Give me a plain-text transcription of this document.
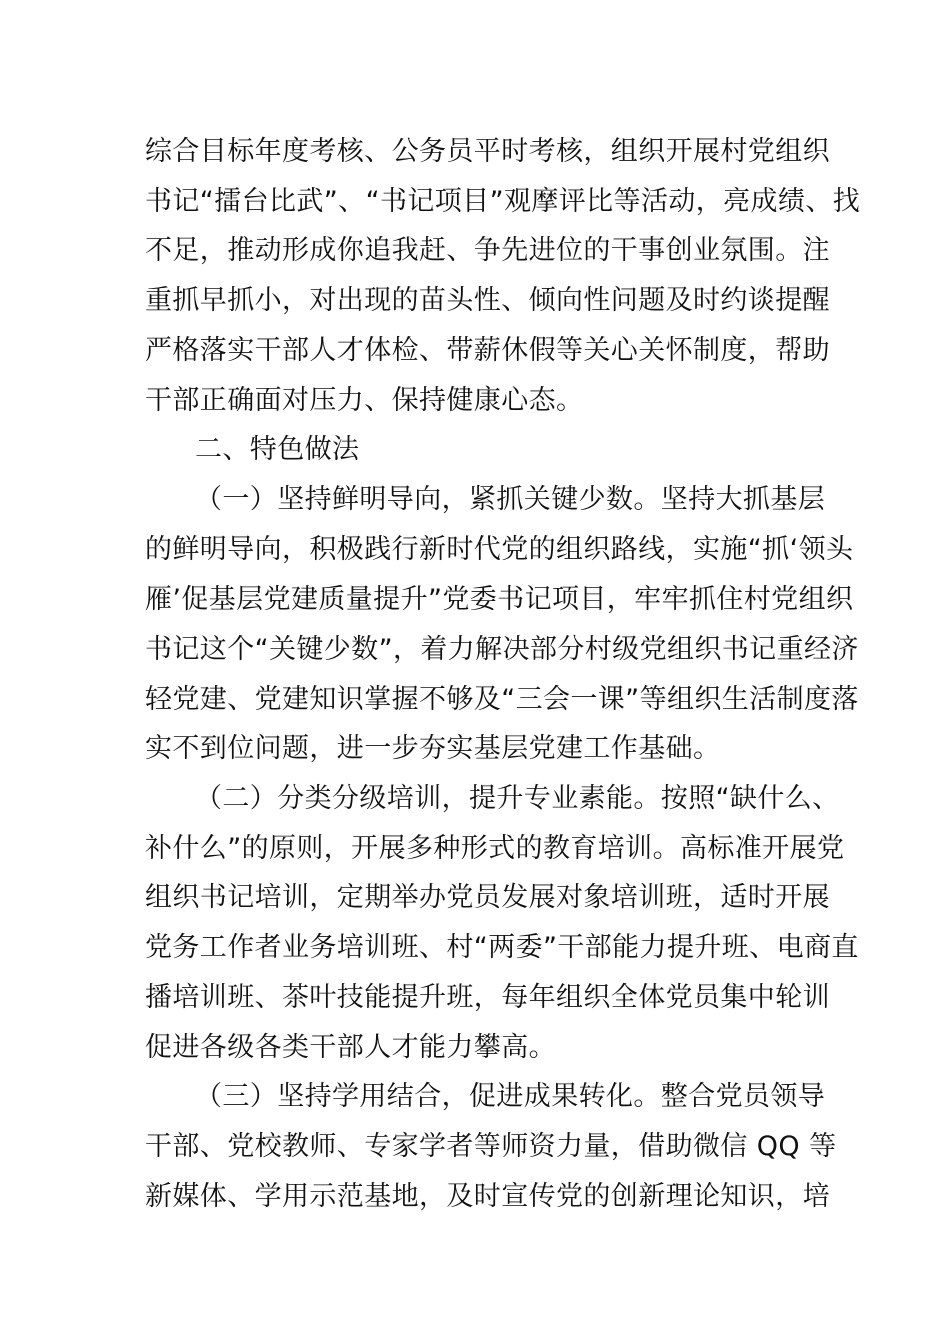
综合目标年度考核、公务员平时考核，组织开展村党组织
书记“擂台比武”、“书记项目”观摩评比等活动，亮成绩、找
不足，推动形成你追我赶、争先进位的干事创业氛围。注
重抓早抓小，对出现的苗头性、倾向性问题及时约谈提醒
严格落实干部人才体检、带薪休假等关心关怀制度，帮助
干部正确面对压力、保持健康心态。
二、特色做法
（一）坚持鲜明导向，紧抓关键少数。坚持大抓基层
的鲜明导向，积极践行新时代党的组织路线，实施“抓‘领头
雁’促基层党建质量提升”党委书记项目，牢牢抓住村党组织
书记这个“关键少数”，着力解决部分村级党组织书记重经济
轻党建、党建知识掌握不够及“三会一课”等组织生活制度落
实不到位问题，进一步夯实基层党建工作基础。
（二）分类分级培训，提升专业素能。按照“缺什么、
补什么”的原则，开展多种形式的教育培训。高标准开展党
组织书记培训，定期举办党员发展对象培训班，适时开展
党务工作者业务培训班、村“两委”干部能力提升班、电商直
播培训班、茶叶技能提升班，每年组织全体党员集中轮训
促进各级各类干部人才能力攀高。
（三）坚持学用结合，促进成果转化。整合党员领导
干部、党校教师、专家学者等师资力量，借助微信 QQ 等
新媒体、学用示范基地，及时宣传党的创新理论知识，培
